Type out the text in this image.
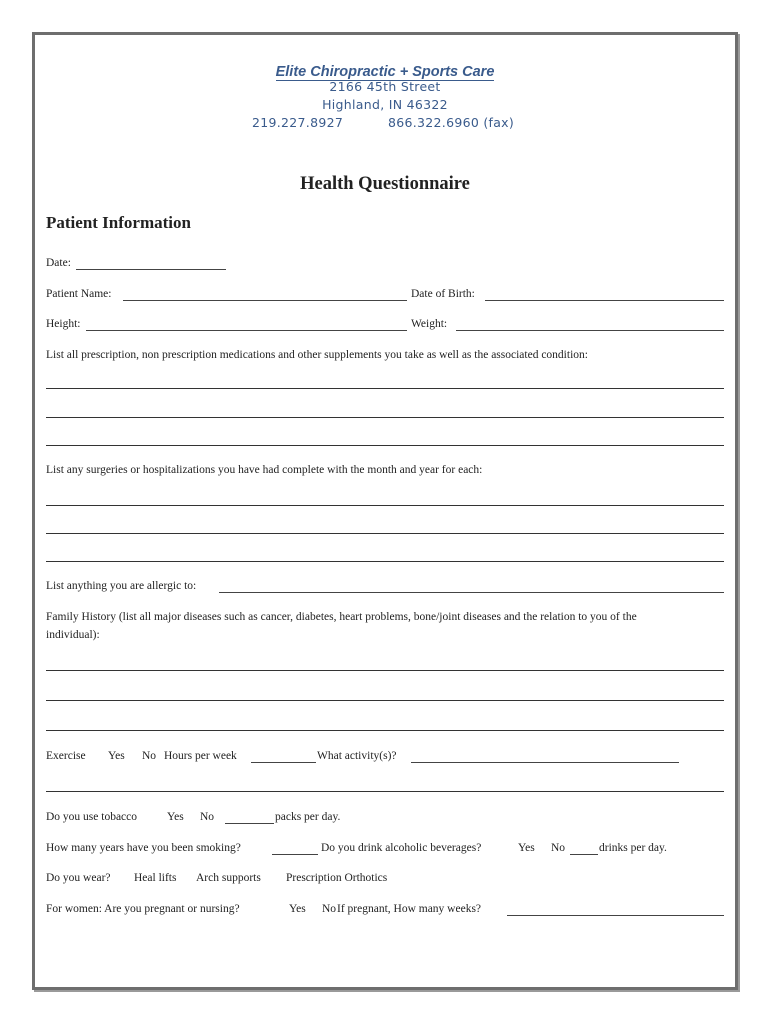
Elite Chiropractic + Sports Care
2166 45th Street
Highland, IN 46322
219.227.8927	866.322.6960 (fax)
Health Questionnaire
Patient Information
Date:
Patient Name:	Date of Birth:
Height:	Weight:
List all prescription, non prescription medications and other supplements you take as well as the associated condition:
List any surgeries or hospitalizations you have had complete with the month and year for each:
List anything you are allergic to:
Family History (list all major diseases such as cancer, diabetes, heart problems, bone/joint diseases and the relation to you of the
individual):
Exercise Yes No Hours per week	What activity(s)?
Do you use tobacco	Yes No	packs per day.
How many years have you been smoking?	Do you drink alcoholic beverages?	Yes No	drinks per day.
Do you wear? Heal lifts Arch supports Prescription Orthotics
For women: Are you pregnant or nursing?	Yes No If pregnant, How many weeks?
